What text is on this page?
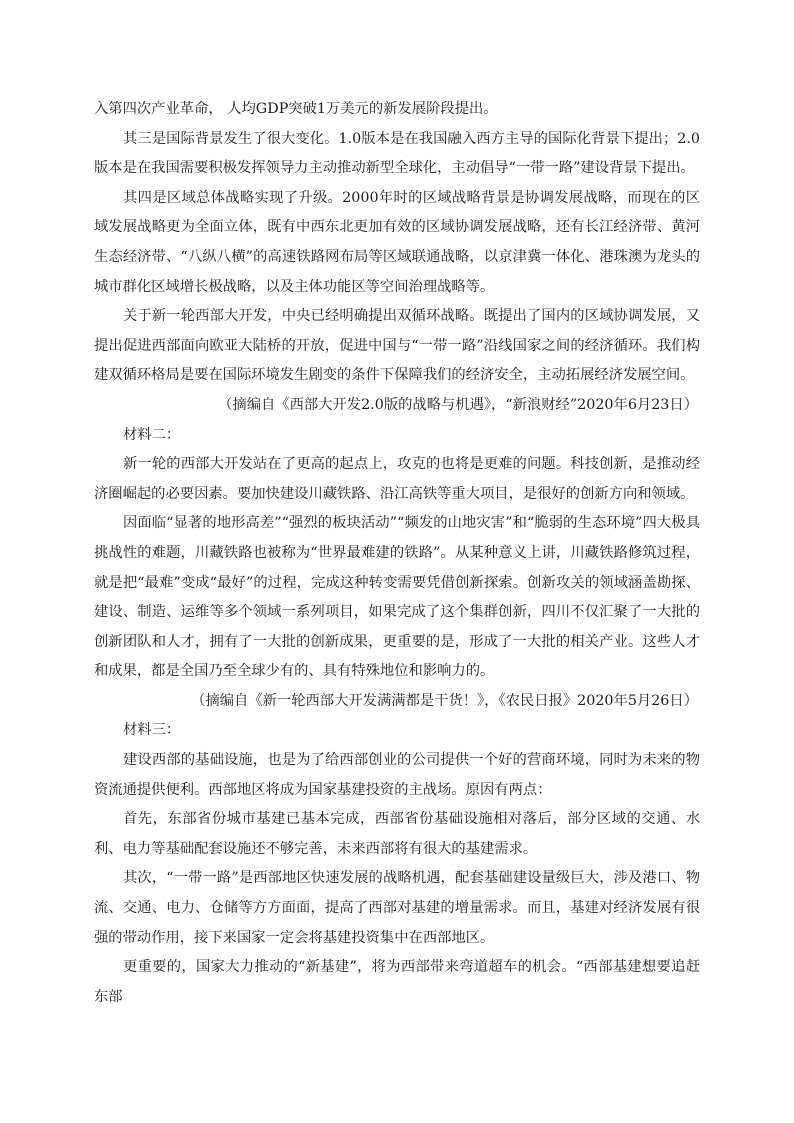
入第四次产业革命， 人均GDP突破1万美元的新发展阶段提出。

其三是国际背景发生了很大变化。1.0版本是在我国融入西方主导的国际化背景下提出；2.0版本是在我国需要积极发挥领导力主动推动新型全球化，主动倡导“一带一路”建设背景下提出。

其四是区域总体战略实现了升级。2000年时的区域战略背景是协调发展战略，而现在的区域发展战略更为全面立体，既有中西东北更加有效的区域协调发展战略，还有长江经济带、黄河生态经济带、“八纵八横”的高速铁路网布局等区域联通战略，以京津冀一体化、港珠澳为龙头的城市群化区域增长极战略，以及主体功能区等空间治理战略等。

关于新一轮西部大开发，中央已经明确提出双循环战略。既提出了国内的区域协调发展，又提出促进西部面向欧亚大陆桥的开放，促进中国与“一带一路”沿线国家之间的经济循环。我们构建双循环格局是要在国际环境发生剧变的条件下保障我们的经济安全，主动拓展经济发展空间。

（摘编自《西部大开发2.0版的战略与机遇》，“新浪财经”2020年6月23日）

材料二：

新一轮的西部大开发站在了更高的起点上，攻克的也将是更难的问题。科技创新，是推动经济圈崛起的必要因素。要加快建设川藏铁路、沿江高铁等重大项目，是很好的创新方向和领域。

因面临“显著的地形高差”“强烈的板块活动”“频发的山地灾害”和“脆弱的生态环境”四大极具挑战性的难题，川藏铁路也被称为“世界最难建的铁路”。从某种意义上讲，川藏铁路修筑过程，就是把“最难”变成“最好”的过程，完成这种转变需要凭借创新探索。创新攻关的领域涵盖勘探、建设、制造、运维等多个领域一系列项目，如果完成了这个集群创新，四川不仅汇聚了一大批的创新团队和人才，拥有了一大批的创新成果，更重要的是，形成了一大批的相关产业。这些人才和成果，都是全国乃至全球少有的、具有特殊地位和影响力的。

（摘编自《新一轮西部大开发满满都是干货！》，《农民日报》2020年5月26日）

材料三：

建设西部的基础设施，也是为了给西部创业的公司提供一个好的营商环境，同时为未来的物资流通提供便利。西部地区将成为国家基建投资的主战场。原因有两点：

首先，东部省份城市基建已基本完成，西部省份基础设施相对落后，部分区域的交通、水利、电力等基础配套设施还不够完善，未来西部将有很大的基建需求。

其次，“一带一路”是西部地区快速发展的战略机遇，配套基础建设量级巨大，涉及港口、物流、交通、电力、仓储等方方面面，提高了西部对基建的增量需求。而且，基建对经济发展有很强的带动作用，接下来国家一定会将基建投资集中在西部地区。

更重要的，国家大力推动的“新基建”，将为西部带来弯道超车的机会。“西部基建想要追赶东部
